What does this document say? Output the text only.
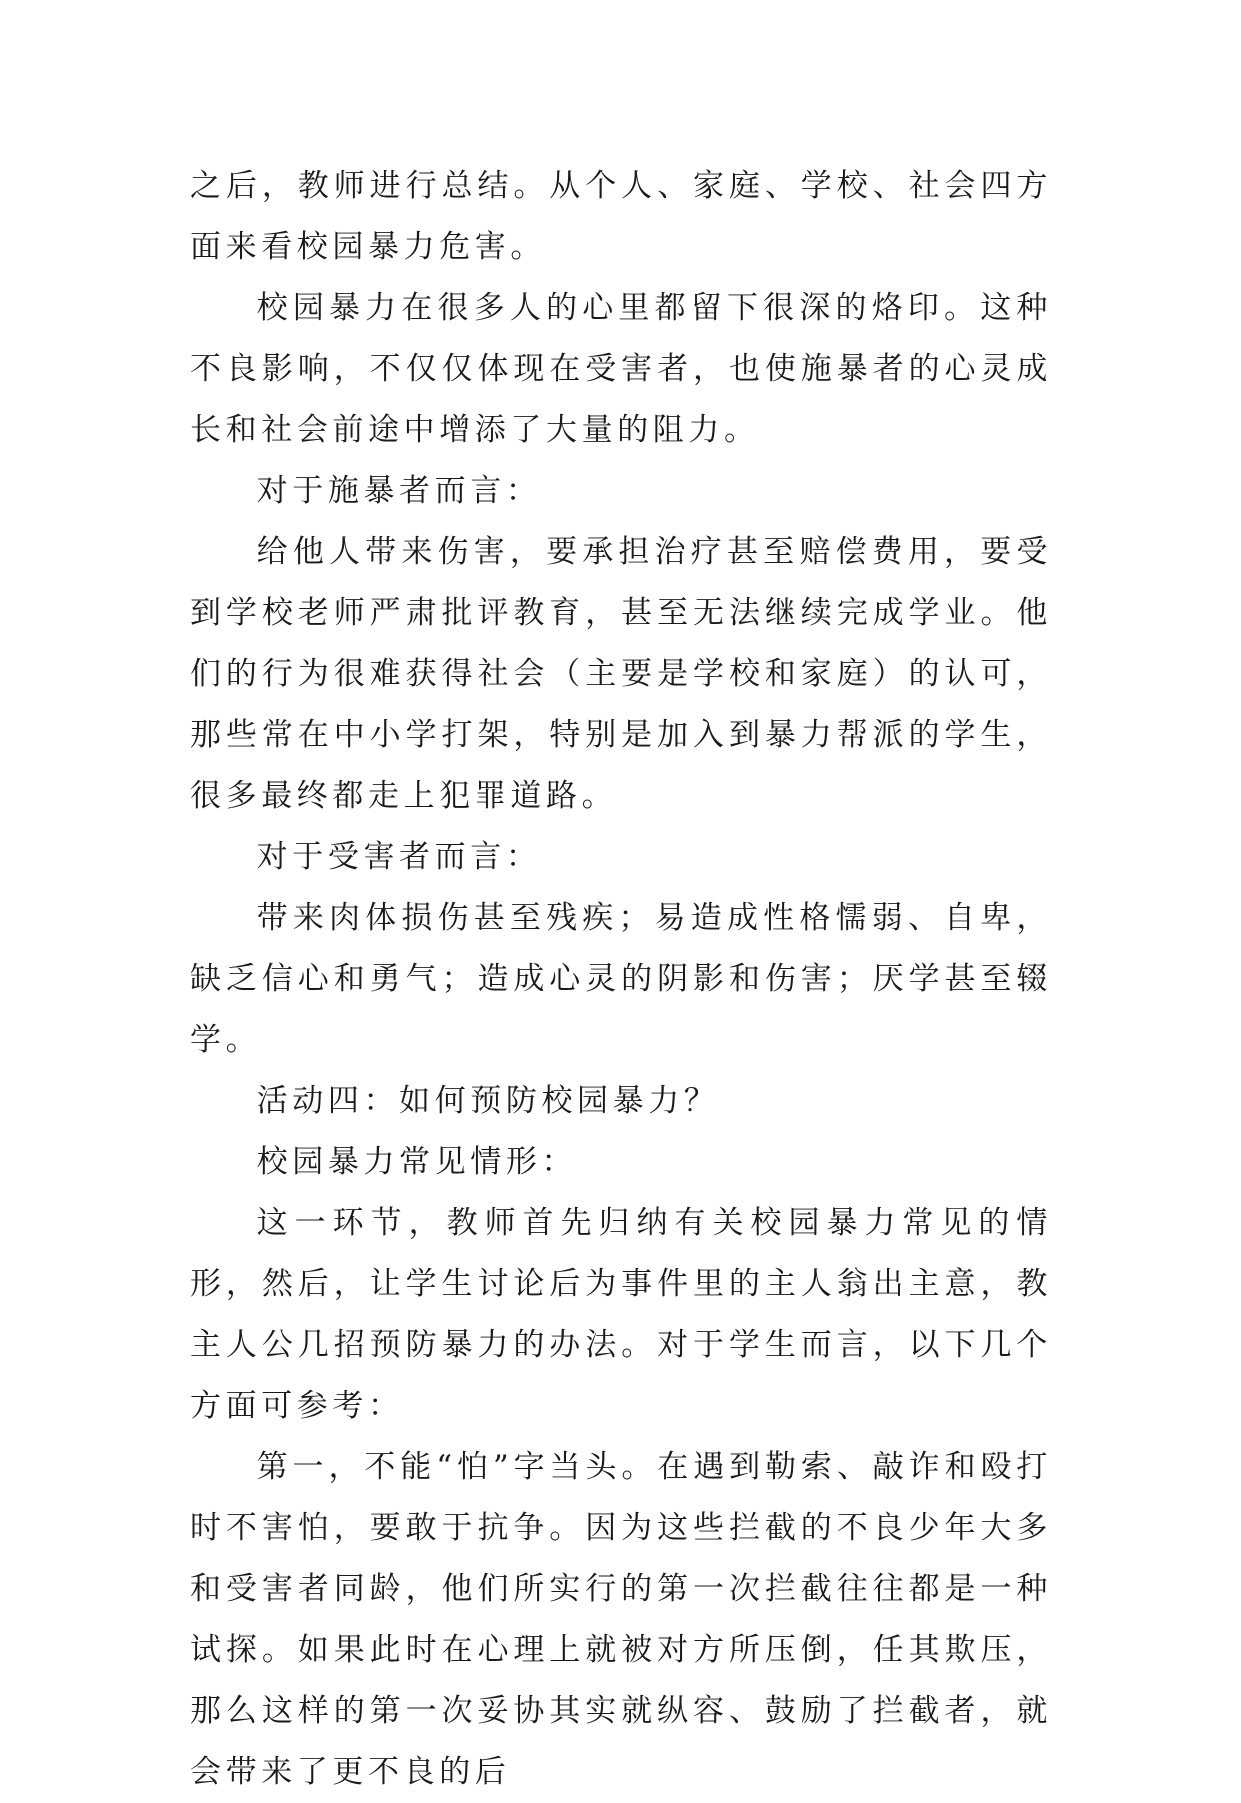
之后，教师进行总结。从个人、家庭、学校、社会四方面来看校园暴力危害。

校园暴力在很多人的心里都留下很深的烙印。这种不良影响，不仅仅体现在受害者，也使施暴者的心灵成长和社会前途中增添了大量的阻力。

对于施暴者而言：

给他人带来伤害，要承担治疗甚至赔偿费用，要受到学校老师严肃批评教育，甚至无法继续完成学业。他们的行为很难获得社会（主要是学校和家庭）的认可，那些常在中小学打架，特别是加入到暴力帮派的学生，很多最终都走上犯罪道路。

对于受害者而言：

带来肉体损伤甚至残疾；易造成性格懦弱、自卑，缺乏信心和勇气；造成心灵的阴影和伤害；厌学甚至辍学。

活动四：如何预防校园暴力？

校园暴力常见情形：

这一环节，教师首先归纳有关校园暴力常见的情形，然后，让学生讨论后为事件里的主人翁出主意，教主人公几招预防暴力的办法。对于学生而言，以下几个方面可参考：

第一，不能“怕”字当头。在遇到勒索、敲诈和殴打时不害怕，要敢于抗争。因为这些拦截的不良少年大多和受害者同龄，他们所实行的第一次拦截往往都是一种试探。如果此时在心理上就被对方所压倒，任其欺压，那么这样的第一次妥协其实就纵容、鼓励了拦截者，就会带来了更不良的后
